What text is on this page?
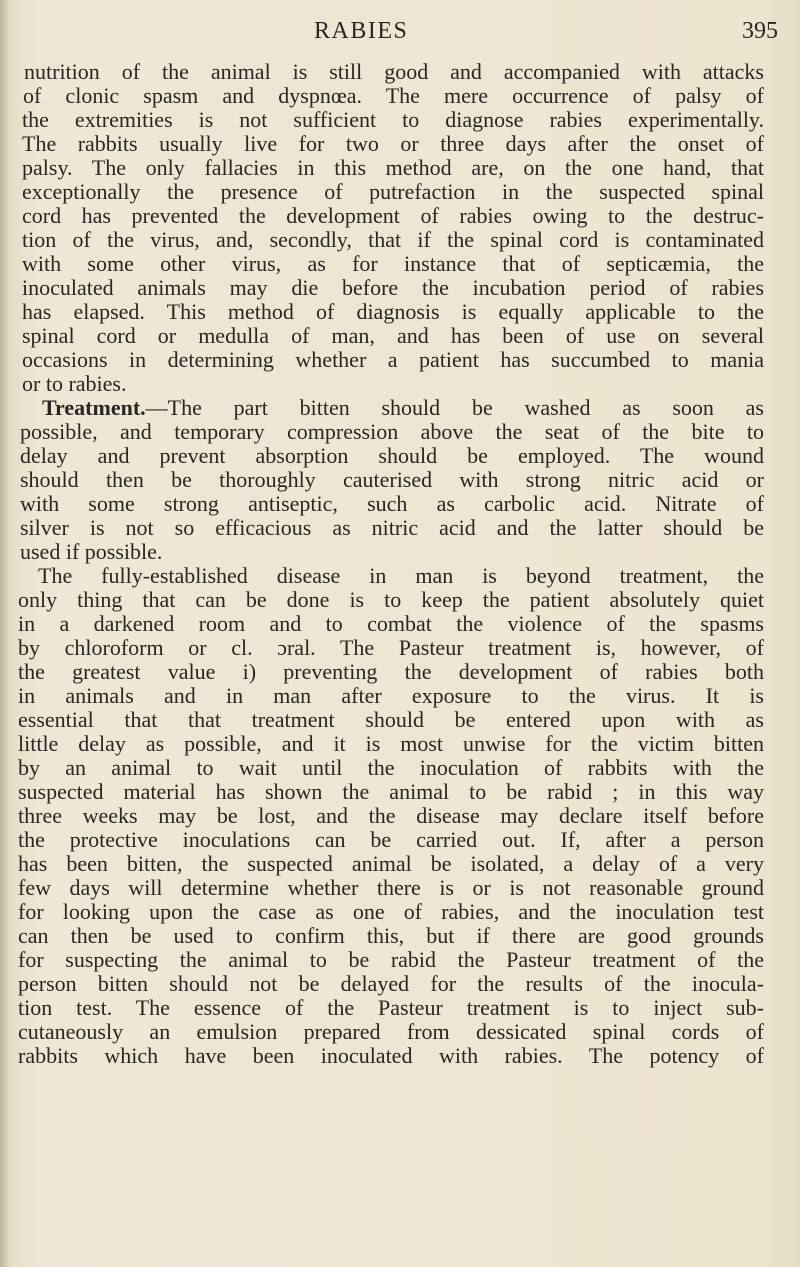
RABIES	395
nutrition of the animal is still good and accompanied with attacks
of clonic spasm and dyspnœa. The mere occurrence of palsy of
the extremities is not sufficient to diagnose rabies experimentally.
The rabbits usually live for two or three days after the onset of
palsy. The only fallacies in this method are, on the one hand, that
exceptionally the presence of putrefaction in the suspected spinal
cord has prevented the development of rabies owing to the destruc-
tion of the virus, and, secondly, that if the spinal cord is contaminated
with some other virus, as for instance that of septicæmia, the
inoculated animals may die before the incubation period of rabies
has elapsed. This method of diagnosis is equally applicable to the
spinal cord or medulla of man, and has been of use on several
occasions in determining whether a patient has succumbed to mania
or to rabies.
Treatment.—The part bitten should be washed as soon as
possible, and temporary compression above the seat of the bite to
delay and prevent absorption should be employed. The wound
should then be thoroughly cauterised with strong nitric acid or
with some strong antiseptic, such as carbolic acid. Nitrate of
silver is not so efficacious as nitric acid and the latter should be
used if possible.
The fully-established disease in man is beyond treatment, the
only thing that can be done is to keep the patient absolutely quiet
in a darkened room and to combat the violence of the spasms
by chloroform or cl. ɔral. The Pasteur treatment is, however, of
the greatest value i) preventing the development of rabies both
in animals and in man after exposure to the virus. It is
essential that that treatment should be entered upon with as
little delay as possible, and it is most unwise for the victim bitten
by an animal to wait until the inoculation of rabbits with the
suspected material has shown the animal to be rabid ; in this way
three weeks may be lost, and the disease may declare itself before
the protective inoculations can be carried out. If, after a person
has been bitten, the suspected animal be isolated, a delay of a very
few days will determine whether there is or is not reasonable ground
for looking upon the case as one of rabies, and the inoculation test
can then be used to confirm this, but if there are good grounds
for suspecting the animal to be rabid the Pasteur treatment of the
person bitten should not be delayed for the results of the inocula-
tion test. The essence of the Pasteur treatment is to inject sub-
cutaneously an emulsion prepared from dessicated spinal cords of
rabbits which have been inoculated with rabies. The potency of
